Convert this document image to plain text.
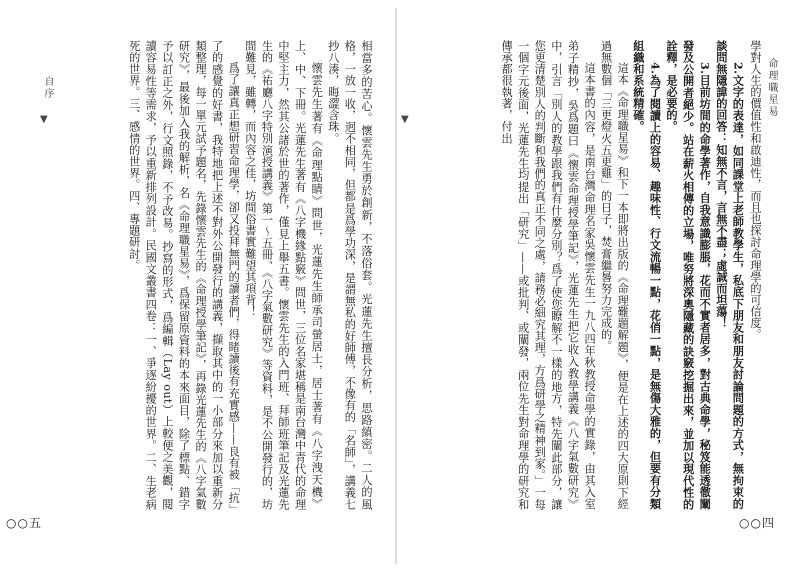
命理職星易
▼
○○四

學對人生的價值性和啟迪性，而且也探討命理學的可信度。

2.文字的表達，如同課堂上老師教學生，私底下朋友和朋友討論問題的方式，無拘束的談問無隱諱的回答：知無不言，言無不盡；虛誠而坦蕩！

3.目前坊間的命學著作，自我意識膨脹，花而不實者居多，對古典命學，秘笈能透徹闡發及公開者絕少。站在薪火相傳的立場，唯努將深奧隱藏的訣竅挖掘出來，並加以現代性的詮釋，是必要的。

4.為了閱讀上的容易、趣味性、行文流暢一點，花俏一點，是無傷大雅的，但要有分類組織和系統精確。

這本《命理職星易》和下一本即將出版的《命理難題解題》，便是在上述的四大原則下經過無數個「三更燈火五更雞」的日子，焚膏繼晷努力完成的。

這本書的內容，是南台灣命理名家吳懷雲先生一九八四年秋教授命學的實錄，由其入室弟子精抄，吳爲題曰《懷雲命理授學筆記》，光蓮先生把它收入教學講義《八字氣數研究》中，引言「別人的教學跟我們有什麼分別？爲了使您瞭解不一樣的地方，特先闡此部分，讓您更清楚別人的判斷和我們的真正不同之處，請務必細究其理，方爲研學之精神到家。」一每一個字元後面，光蓮先生均提出「研究」——或批判、或闡發，兩位先生對命理學的研究和傳承都很執著，付出

自序
▼
○○五

相當多的苦心。懷雲先生勇於創新，不落俗套。光蓮先生擅長分析，思路縝密。二人的風格，一放一收，迥不相同，但都是爲學功深，是謂無私的好師傅，不像有的「名師」，講義七抄八湊，晦澀含珠。

懷雲先生著有《命理點睛》問世，光蓮先生師承司螢居士，居士著有《八字洩天機》上、中、下冊。光蓮先生著有《八字機緣點竅》問世，三位名家堪稱是南台灣中青代的命理中堅主力，然其公諸於世的著作，僅見上舉五書。懷雲先生的入門班、拜師班筆記及光蓮先生的《祐廳八字特別演授講義》第一～五冊、《八字氣數研究》等資料，是不公開發行的，坊間難見，雖轉，而內容之佳，坊間俗書實難望其項背！

爲了讓真正想研習命理學，卻又投拜無門的讀者們，得睹讀後有充實感——良有被「抗」了的感覺的好書，我特地把上述不對外公開發行的講義，擷取其中的一小部分來加以重新分類整理，每一單元試予題名，先錄懷雲先生的《命理授學筆記》，再錄光蓮先生的《八字氣數研究》，最後加入我的解析，名《命理職星易》，爲保留原資料的本來面目，除了標點、錯字予以訂正之外，行文照錄，不予改易。抄寫的形式，爲編輯（Lay out）上較便之美觀，閱讀容易性等需求，予以重新排列設計。民國文叢書四卷：一、爭逐紛擾的世界。二、生老病死的世界。三、感情的世界。四、專題研討。
